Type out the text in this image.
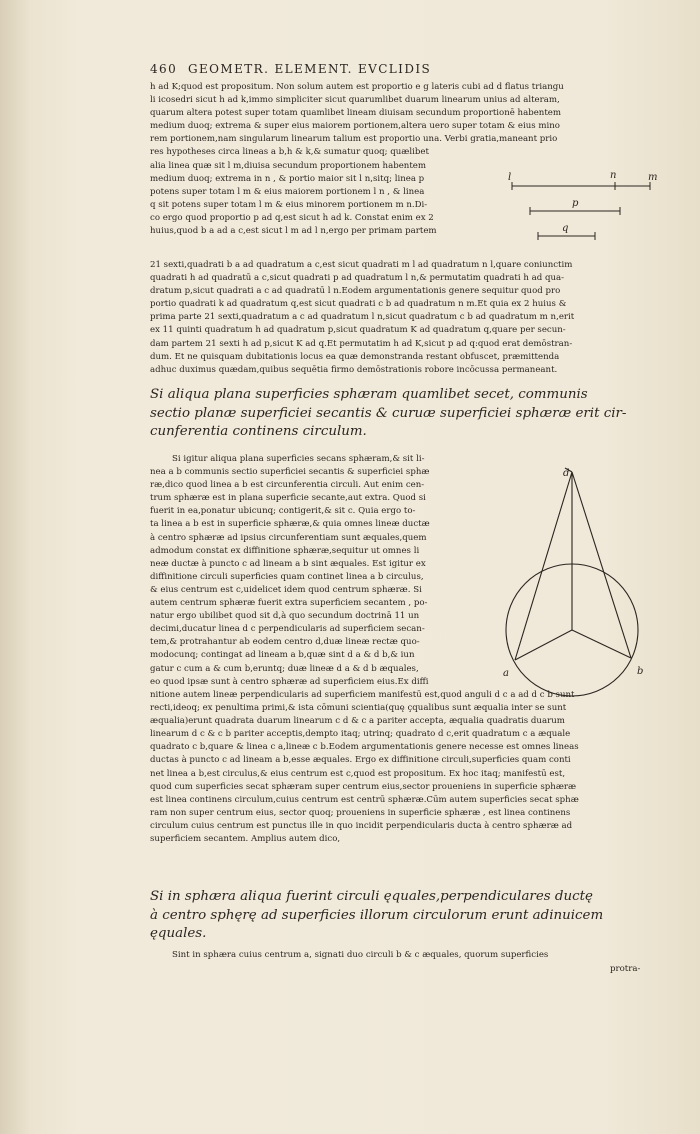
460 GEOMETR. ELEMENT. EVCLIDIS

h ad K;quod est propositum. Non solum autem est proportio e g lateris cubi ad d flatus triangu

li icosedri sicut h ad k,immo simpliciter sicut quarumlibet duarum linearum unius ad alteram,

quarum altera potest super totam quamlibet lineam diuisam secundum proportionē habentem

medium duoq; extrema & super eius maiorem portionem,altera uero super totam & eius mino

rem portionem,nam singularum linearum talium est proportio una. Verbi gratia,maneant prio

res hypotheses circa lineas a b,h & k,& sumatur quoq; quælibet

alia linea quæ sit l m,diuisa secundum proportionem habentem

medium duoq; extrema in n , & portio maior sit l n,sitq; linea p

potens super totam l m & eius maiorem portionem l n , & linea

q sit potens super totam l m & eius minorem portionem m n.Di-

co ergo quod proportio p ad q,est sicut h ad k. Constat enim ex 2

huius,quod b a ad a c,est sicut l m ad l n,ergo per primam partem

l	n	m
p
q

21 sexti,quadrati b a ad quadratum a c,est sicut quadrati m l ad quadratum n l,quare coniunctim

quadrati h ad quadratū a c,sicut quadrati p ad quadratum l n,& permutatim quadrati h ad qua-

dratum p,sicut quadrati a c ad quadratū l n.Eodem argumentationis genere sequitur quod pro

portio quadrati k ad quadratum q,est sicut quadrati c b ad quadratum n m.Et quia ex 2 huius &

prima parte 21 sexti,quadratum a c ad quadratum l n,sicut quadratum c b ad quadratum m n,erit

ex 11 quinti quadratum h ad quadratum p,sicut quadratum K ad quadratum q,quare per secun-

dam partem 21 sexti h ad p,sicut K ad q.Et permutatim h ad K,sicut p ad q:quod erat demōstran-

dum. Et ne quisquam dubitationis locus ea quæ demonstranda restant obfuscet, præmittenda

adhuc duximus quædam,quibus sequētia firmo demōstrationis robore incōcussa permaneant.

Si aliqua plana superficies sphæram quamlibet secet, communis

sectio planæ superficiei secantis & curuæ superficiei sphæræ erit cir-

cunferentia continens circulum.

Si igitur aliqua plana superficies secans sphæram,& sit li-

nea a b communis sectio superficiei secantis & superficiei sphæ

ræ,dico quod linea a b est circunferentia circuli. Aut enim cen-

trum sphæræ est in plana superficie secante,aut extra. Quod si

fuerit in ea,ponatur ubicunq; contigerit,& sit c. Quia ergo to-

ta linea a b est in superficie sphæræ,& quia omnes lineæ ductæ

à centro sphæræ ad ipsius circunferentiam sunt æquales,quem

admodum constat ex diffinitione sphæræ,sequitur ut omnes li

neæ ductæ à puncto c ad lineam a b sint æquales. Est igitur ex

diffinitione circuli superficies quam continet linea a b circulus,

& eius centrum est c,uidelicet idem quod centrum sphæræ. Si

autem centrum sphæræ fuerit extra superficiem secantem , po-

natur ergo ubilibet quod sit d,à quo secundum doctrinā 11 un

decimi,ducatur linea d c perpendicularis ad superficiem secan-

tem,& protrahantur ab eodem centro d,duæ lineæ rectæ quo-

modocunq; contingat ad lineam a b,quæ sint d a & d b,& iun

gatur c cum a & cum b,eruntq; duæ lineæ d a & d b æquales,

eo quod ipsæ sunt à centro sphæræ ad superficiem eius.Ex diffi

a	b
d

nitione autem lineæ perpendicularis ad superficiem manifestū est,quod anguli d c a ad d c b sunt

recti,ideoq; ex penultima primi,& ista cōmuni scientia(quę çqualibus sunt æqualia inter se sunt

æqualia)erunt quadrata duarum linearum c d & c a pariter accepta, æqualia quadratis duarum

linearum d c & c b pariter acceptis,dempto itaq; utrinq; quadrato d c,erit quadratum c a æquale

quadrato c b,quare & linea c a,lineæ c b.Eodem argumentationis genere necesse est omnes lineas

ductas à puncto c ad lineam a b,esse æquales. Ergo ex diffinitione circuli,superficies quam conti

net linea a b,est circulus,& eius centrum est c,quod est propositum. Ex hoc itaq; manifestū est,

quod cum superficies secat sphæram super centrum eius,sector proueniens in superficie sphæræ

est linea continens circulum,cuius centrum est centrū sphæræ.Cūm autem superficies secat sphæ

ram non super centrum eius, sector quoq; proueniens in superficie sphæræ , est linea continens

circulum cuius centrum est punctus ille in quo incidit perpendicularis ducta à centro sphæræ ad

superficiem secantem. Amplius autem dico,

Si in sphæra aliqua fuerint circuli ęquales,perpendiculares ductę

à centro sphęrę ad superficies illorum circulorum erunt adinuicem

ęquales.

Sint in sphæra cuius centrum a, signati duo circuli b & c æquales, quorum superficies

protra-
